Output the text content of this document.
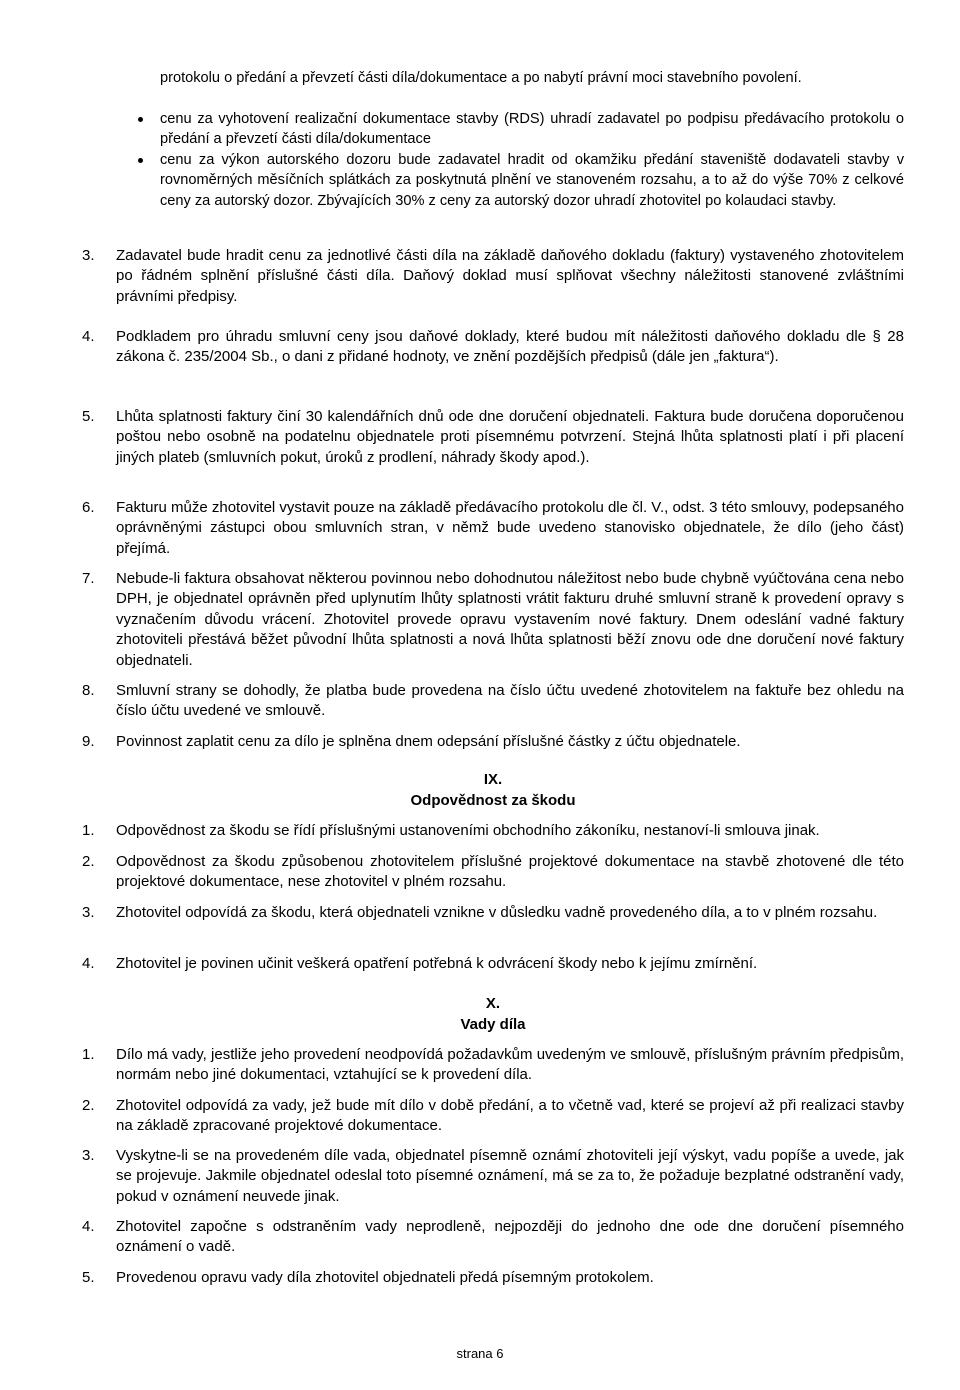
protokolu o předání a převzetí části díla/dokumentace a po nabytí právní moci stavebního povolení.
cenu za vyhotovení realizační dokumentace stavby (RDS) uhradí zadavatel po podpisu předávacího protokolu o předání a převzetí části díla/dokumentace
cenu za výkon autorského dozoru bude zadavatel hradit od okamžiku předání staveniště dodavateli stavby v rovnoměrných měsíčních splátkách za poskytnutá plnění ve stanoveném rozsahu, a to až do výše 70% z celkové ceny za autorský dozor. Zbývajících 30% z ceny za autorský dozor uhradí zhotovitel po kolaudaci stavby.
3.	Zadavatel bude hradit cenu za jednotlivé části díla na základě daňového dokladu (faktury) vystaveného zhotovitelem po řádném splnění příslušné části díla. Daňový doklad musí splňovat všechny náležitosti stanovené zvláštními právními předpisy.
4.	Podkladem pro úhradu smluvní ceny jsou daňové doklady, které budou mít náležitosti daňového dokladu dle § 28 zákona č. 235/2004 Sb., o dani z přidané hodnoty, ve znění pozdějších předpisů (dále jen „faktura“).
5.	Lhůta splatnosti faktury činí 30 kalendářních dnů ode dne doručení objednateli. Faktura bude doručena doporučenou poštou nebo osobně na podatelnu objednatele proti písemnému potvrzení. Stejná lhůta splatnosti platí i při placení jiných plateb (smluvních pokut, úroků z prodlení, náhrady škody apod.).
6.	Fakturu může zhotovitel vystavit pouze na základě předávacího protokolu dle čl. V., odst. 3 této smlouvy, podepsaného oprávněnými zástupci obou smluvních stran, v němž bude uvedeno stanovisko objednatele, že dílo (jeho část) přejímá.
7.	Nebude-li faktura obsahovat některou povinnou nebo dohodnutou náležitost nebo bude chybně vyúčtována cena nebo DPH, je objednatel oprávněn před uplynutím lhůty splatnosti vrátit fakturu druhé smluvní straně k provedení opravy s vyznačením důvodu vrácení. Zhotovitel provede opravu vystavením nové faktury. Dnem odeslání vadné faktury zhotoviteli přestává běžet původní lhůta splatnosti a nová lhůta splatnosti běží znovu ode dne doručení nové faktury objednateli.
8.	Smluvní strany se dohodly, že platba bude provedena na číslo účtu uvedené zhotovitelem na faktuře bez ohledu na číslo účtu uvedené ve smlouvě.
9.	Povinnost zaplatit cenu za dílo je splněna dnem odepsání příslušné částky z účtu objednatele.
IX.
Odpovědnost za škodu
1.	Odpovědnost za škodu se řídí příslušnými ustanoveními obchodního zákoníku, nestanoví-li smlouva jinak.
2.	Odpovědnost za škodu způsobenou zhotovitelem příslušné projektové dokumentace na stavbě zhotovené dle této projektové dokumentace, nese zhotovitel v plném rozsahu.
3.	Zhotovitel odpovídá za škodu, která objednateli vznikne v důsledku vadně provedeného díla, a to v plném rozsahu.
4.	Zhotovitel je povinen učinit veškerá opatření potřebná k odvrácení škody nebo k jejímu zmírnění.
X.
Vady díla
1.	Dílo má vady, jestliže jeho provedení neodpovídá požadavkům uvedeným ve smlouvě, příslušným právním předpisům, normám nebo jiné dokumentaci, vztahující se k provedení díla.
2.	Zhotovitel odpovídá za vady, jež bude mít dílo v době předání, a to včetně vad, které se projeví až při realizaci stavby na základě zpracované projektové dokumentace.
3.	Vyskytne-li se na provedeném díle vada, objednatel písemně oznámí zhotoviteli její výskyt, vadu popíše a uvede, jak se projevuje. Jakmile objednatel odeslal toto písemné oznámení, má se za to, že požaduje bezplatné odstranění vady, pokud v oznámení neuvede jinak.
4.	Zhotovitel započne s odstraněním vady neprodleně, nejpozději do jednoho dne ode dne doručení písemného oznámení o vadě.
5.	Provedenou opravu vady díla zhotovitel objednateli předá písemným protokolem.
strana 6
